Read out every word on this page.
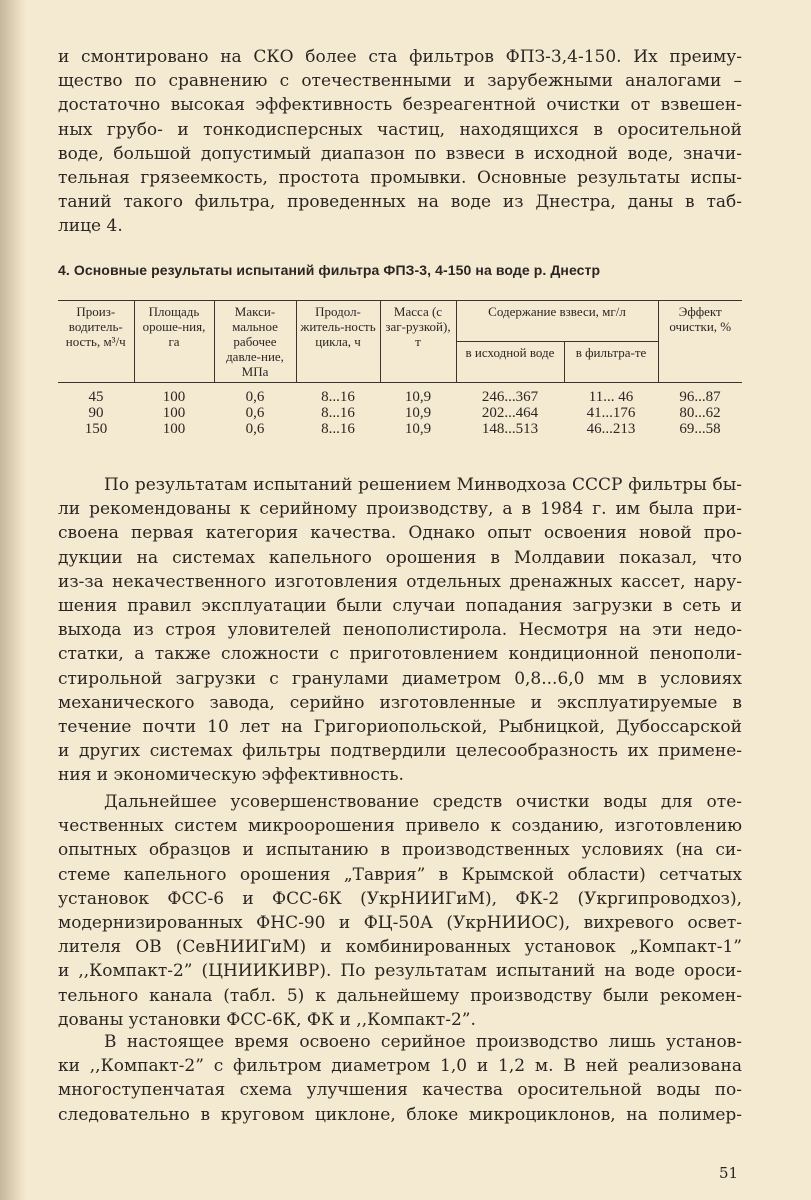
и смонтировано на СКО более ста фильтров ФПЗ-3,4-150. Их преиму-
щество по сравнению с отечественными и зарубежными аналогами –
достаточно высокая эффективность безреагентной очистки от взвешен-
ных грубо- и тонкодисперсных частиц, находящихся в оросительной
воде, большой допустимый диапазон по взвеси в исходной воде, значи-
тельная грязеемкость, простота промывки. Основные результаты испы-
таний такого фильтра, проведенных на воде из Днестра, даны в таб-
лице 4.
4. Основные результаты испытаний фильтра ФПЗ-3, 4-150 на воде р. Днестр
Произ-водитель-ность, м³/ч	Площадь ороше-ния, га	Макси-мальное рабочее давле-ние, МПа	Продол-житель-ность цикла, ч	Масса (с заг-рузкой), т	Содержание взвеси, мг/л		Эффект очистки, %
					в исходной воде	в фильтра-те	
45	100	0,6	8...16	10,9	246...367	11... 46	96...87
90	100	0,6	8...16	10,9	202...464	41...176	80...62
150	100	0,6	8...16	10,9	148...513	46...213	69...58
По результатам испытаний решением Минводхоза СССР фильтры бы-
ли рекомендованы к серийному производству, а в 1984 г. им была при-
своена первая категория качества. Однако опыт освоения новой про-
дукции на системах капельного орошения в Молдавии показал, что
из-за некачественного изготовления отдельных дренажных кассет, нару-
шения правил эксплуатации были случаи попадания загрузки в сеть и
выхода из строя уловителей пенополистирола. Несмотря на эти недо-
статки, а также сложности с приготовлением кондиционной пенополи-
стирольной загрузки с гранулами диаметром 0,8...6,0 мм в условиях
механического завода, серийно изготовленные и эксплуатируемые в
течение почти 10 лет на Григориопольской, Рыбницкой, Дубоссарской
и других системах фильтры подтвердили целесообразность их примене-
ния и экономическую эффективность.
Дальнейшее усовершенствование средств очистки воды для оте-
чественных систем микроорошения привело к созданию, изготовлению
опытных образцов и испытанию в производственных условиях (на си-
стеме капельного орошения „Таврия” в Крымской области) сетчатых
установок ФСС-6 и ФСС-6К (УкрНИИГиМ), ФК-2 (Укргипроводхоз),
модернизированных ФНС-90 и ФЦ-50А (УкрНИИОС), вихревого освет-
лителя ОВ (СевНИИГиМ) и комбинированных установок „Компакт-1”
и ,,Компакт-2” (ЦНИИКИВР). По результатам испытаний на воде ороси-
тельного канала (табл. 5) к дальнейшему производству были рекомен-
дованы установки ФСС-6К, ФК и ,,Компакт-2”.
В настоящее время освоено серийное производство лишь установ-
ки ,,Компакт-2” с фильтром диаметром 1,0 и 1,2 м. В ней реализована
многоступенчатая схема улучшения качества оросительной воды по-
следовательно в круговом циклоне, блоке микроциклонов, на полимер-
51
